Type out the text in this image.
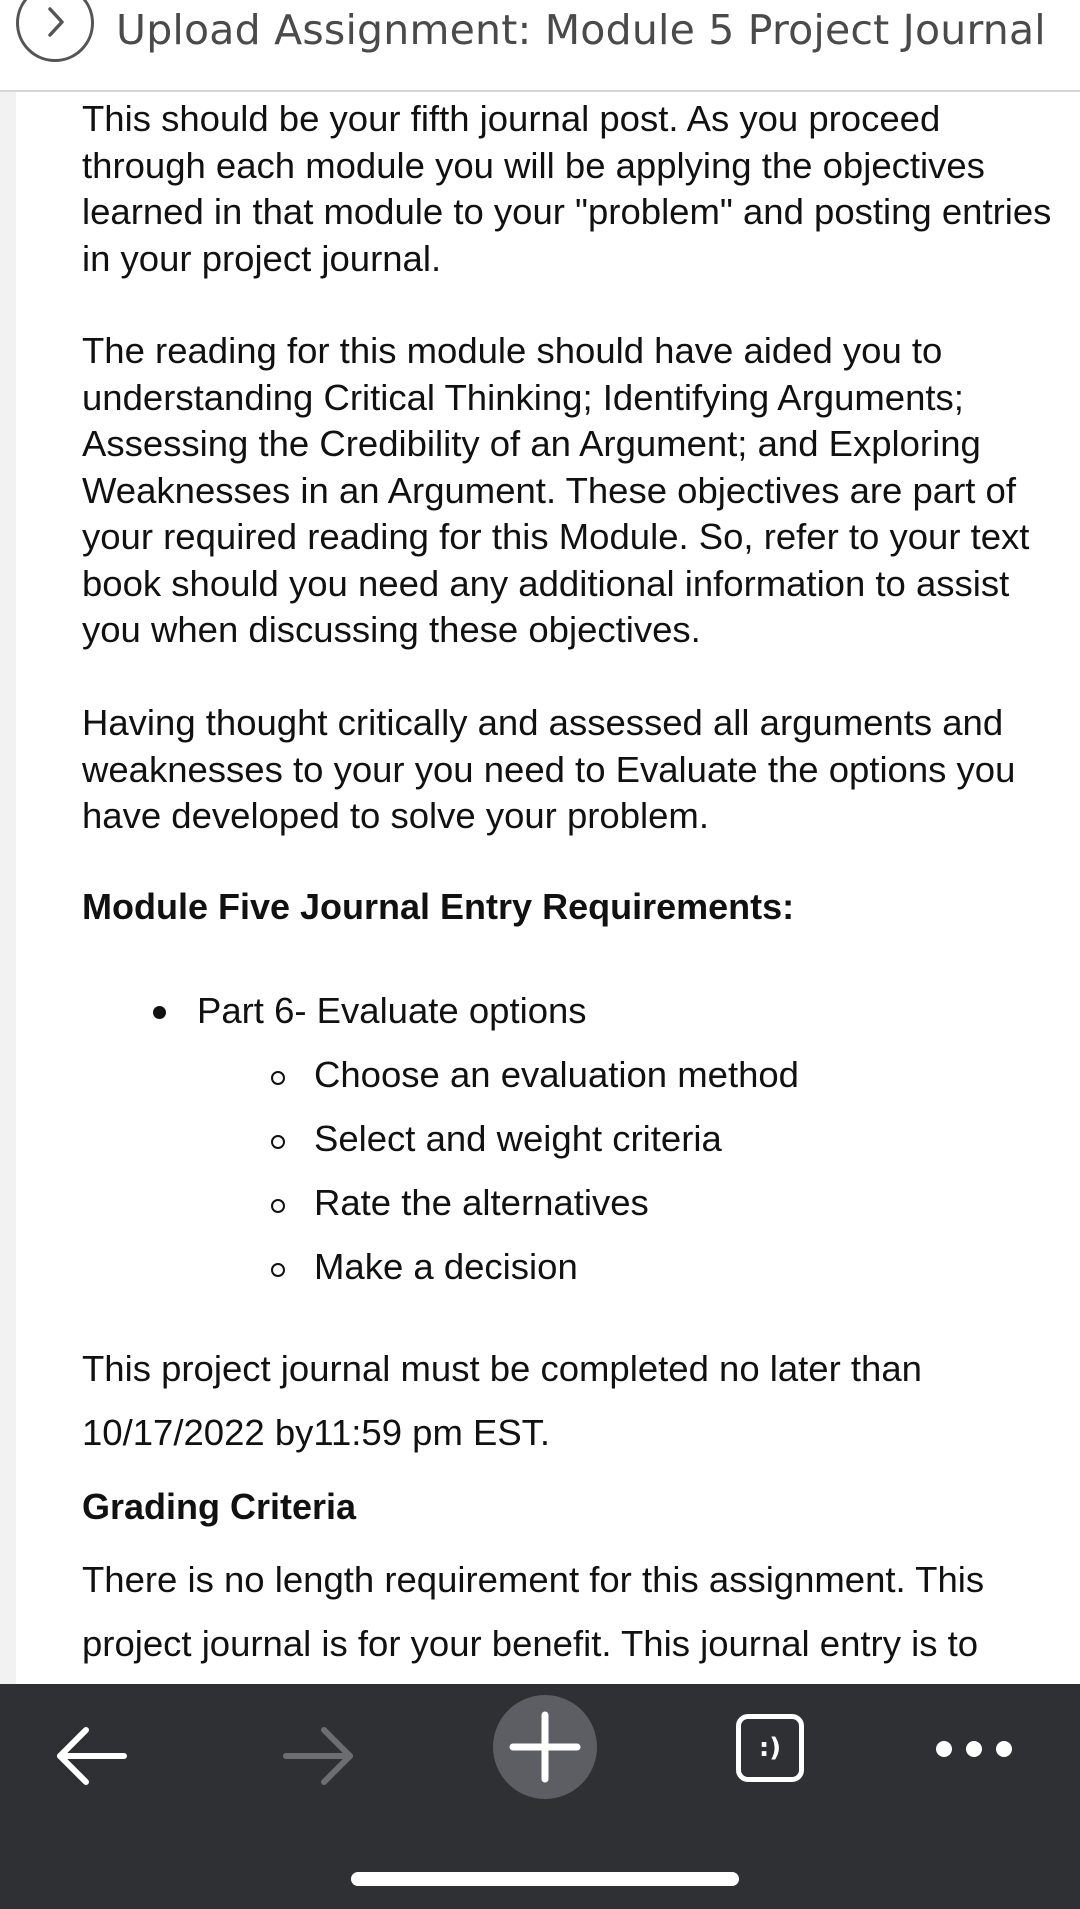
Upload Assignment: Module 5 Project Journal

This should be your fifth journal post. As you proceed through each module you will be applying the objectives learned in that module to your "problem" and posting entries in your project journal.

The reading for this module should have aided you to understanding Critical Thinking; Identifying Arguments; Assessing the Credibility of an Argument; and Exploring Weaknesses in an Argument. These objectives are part of your required reading for this Module. So, refer to your text book should you need any additional information to assist you when discussing these objectives.

Having thought critically and assessed all arguments and weaknesses to your you need to Evaluate the options you have developed to solve your problem.

Module Five Journal Entry Requirements:
Part 6- Evaluate options
Choose an evaluation method
Select and weight criteria
Rate the alternatives
Make a decision

This project journal must be completed no later than 10/17/2022 by11:59 pm EST.

Grading Criteria

There is no length requirement for this assignment. This project journal is for your benefit. This journal entry is to

:)
